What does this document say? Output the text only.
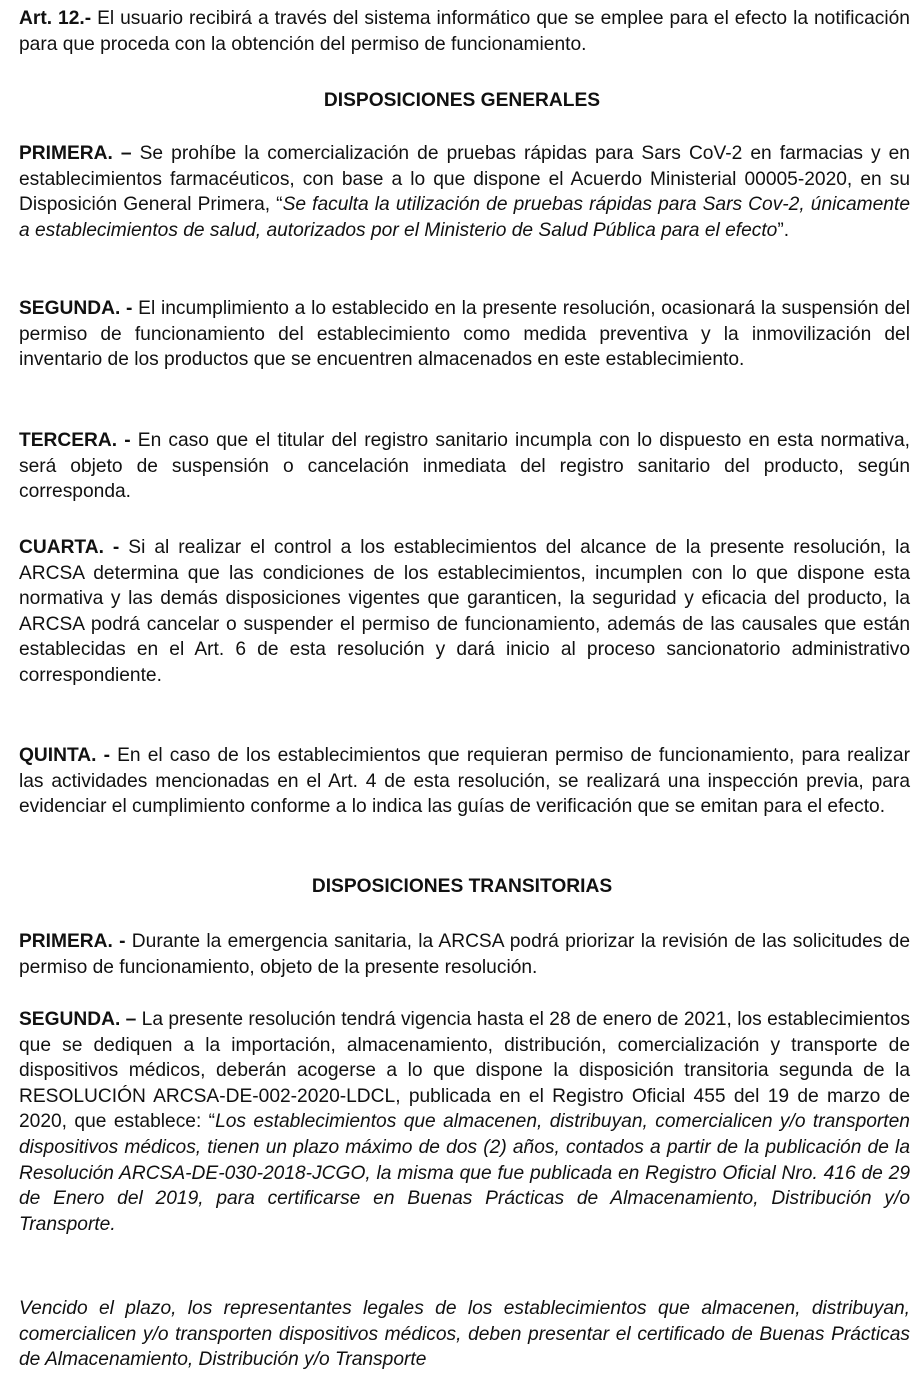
Art. 12.- El usuario recibirá a través del sistema informático que se emplee para el efecto la notificación para que proceda con la obtención del permiso de funcionamiento.

DISPOSICIONES GENERALES

PRIMERA. – Se prohíbe la comercialización de pruebas rápidas para Sars CoV-2 en farmacias y en establecimientos farmacéuticos, con base a lo que dispone el Acuerdo Ministerial 00005-2020, en su Disposición General Primera, “Se faculta la utilización de pruebas rápidas para Sars Cov-2, únicamente a establecimientos de salud, autorizados por el Ministerio de Salud Pública para el efecto”.

SEGUNDA. - El incumplimiento a lo establecido en la presente resolución, ocasionará la suspensión del permiso de funcionamiento del establecimiento como medida preventiva y la inmovilización del inventario de los productos que se encuentren almacenados en este establecimiento.

TERCERA. - En caso que el titular del registro sanitario incumpla con lo dispuesto en esta normativa, será objeto de suspensión o cancelación inmediata del registro sanitario del producto, según corresponda.

CUARTA. - Si al realizar el control a los establecimientos del alcance de la presente resolución, la ARCSA determina que las condiciones de los establecimientos, incumplen con lo que dispone esta normativa y las demás disposiciones vigentes que garanticen, la seguridad y eficacia del producto, la ARCSA podrá cancelar o suspender el permiso de funcionamiento, además de las causales que están establecidas en el Art. 6 de esta resolución y dará inicio al proceso sancionatorio administrativo correspondiente.

QUINTA. - En el caso de los establecimientos que requieran permiso de funcionamiento, para realizar las actividades mencionadas en el Art. 4 de esta resolución, se realizará una inspección previa, para evidenciar el cumplimiento conforme a lo indica las guías de verificación que se emitan para el efecto.

DISPOSICIONES TRANSITORIAS

PRIMERA. - Durante la emergencia sanitaria, la ARCSA podrá priorizar la revisión de las solicitudes de permiso de funcionamiento, objeto de la presente resolución.

SEGUNDA. – La presente resolución tendrá vigencia hasta el 28 de enero de 2021, los establecimientos que se dediquen a la importación, almacenamiento, distribución, comercialización y transporte de dispositivos médicos, deberán acogerse a lo que dispone la disposición transitoria segunda de la RESOLUCIÓN ARCSA-DE-002-2020-LDCL, publicada en el Registro Oficial 455 del 19 de marzo de 2020, que establece: “Los establecimientos que almacenen, distribuyan, comercialicen y/o transporten dispositivos médicos, tienen un plazo máximo de dos (2) años, contados a partir de la publicación de la Resolución ARCSA-DE-030-2018-JCGO, la misma que fue publicada en Registro Oficial Nro. 416 de 29 de Enero del 2019, para certificarse en Buenas Prácticas de Almacenamiento, Distribución y/o Transporte.

Vencido el plazo, los representantes legales de los establecimientos que almacenen, distribuyan, comercialicen y/o transporten dispositivos médicos, deben presentar el certificado de Buenas Prácticas de Almacenamiento, Distribución y/o Transporte
